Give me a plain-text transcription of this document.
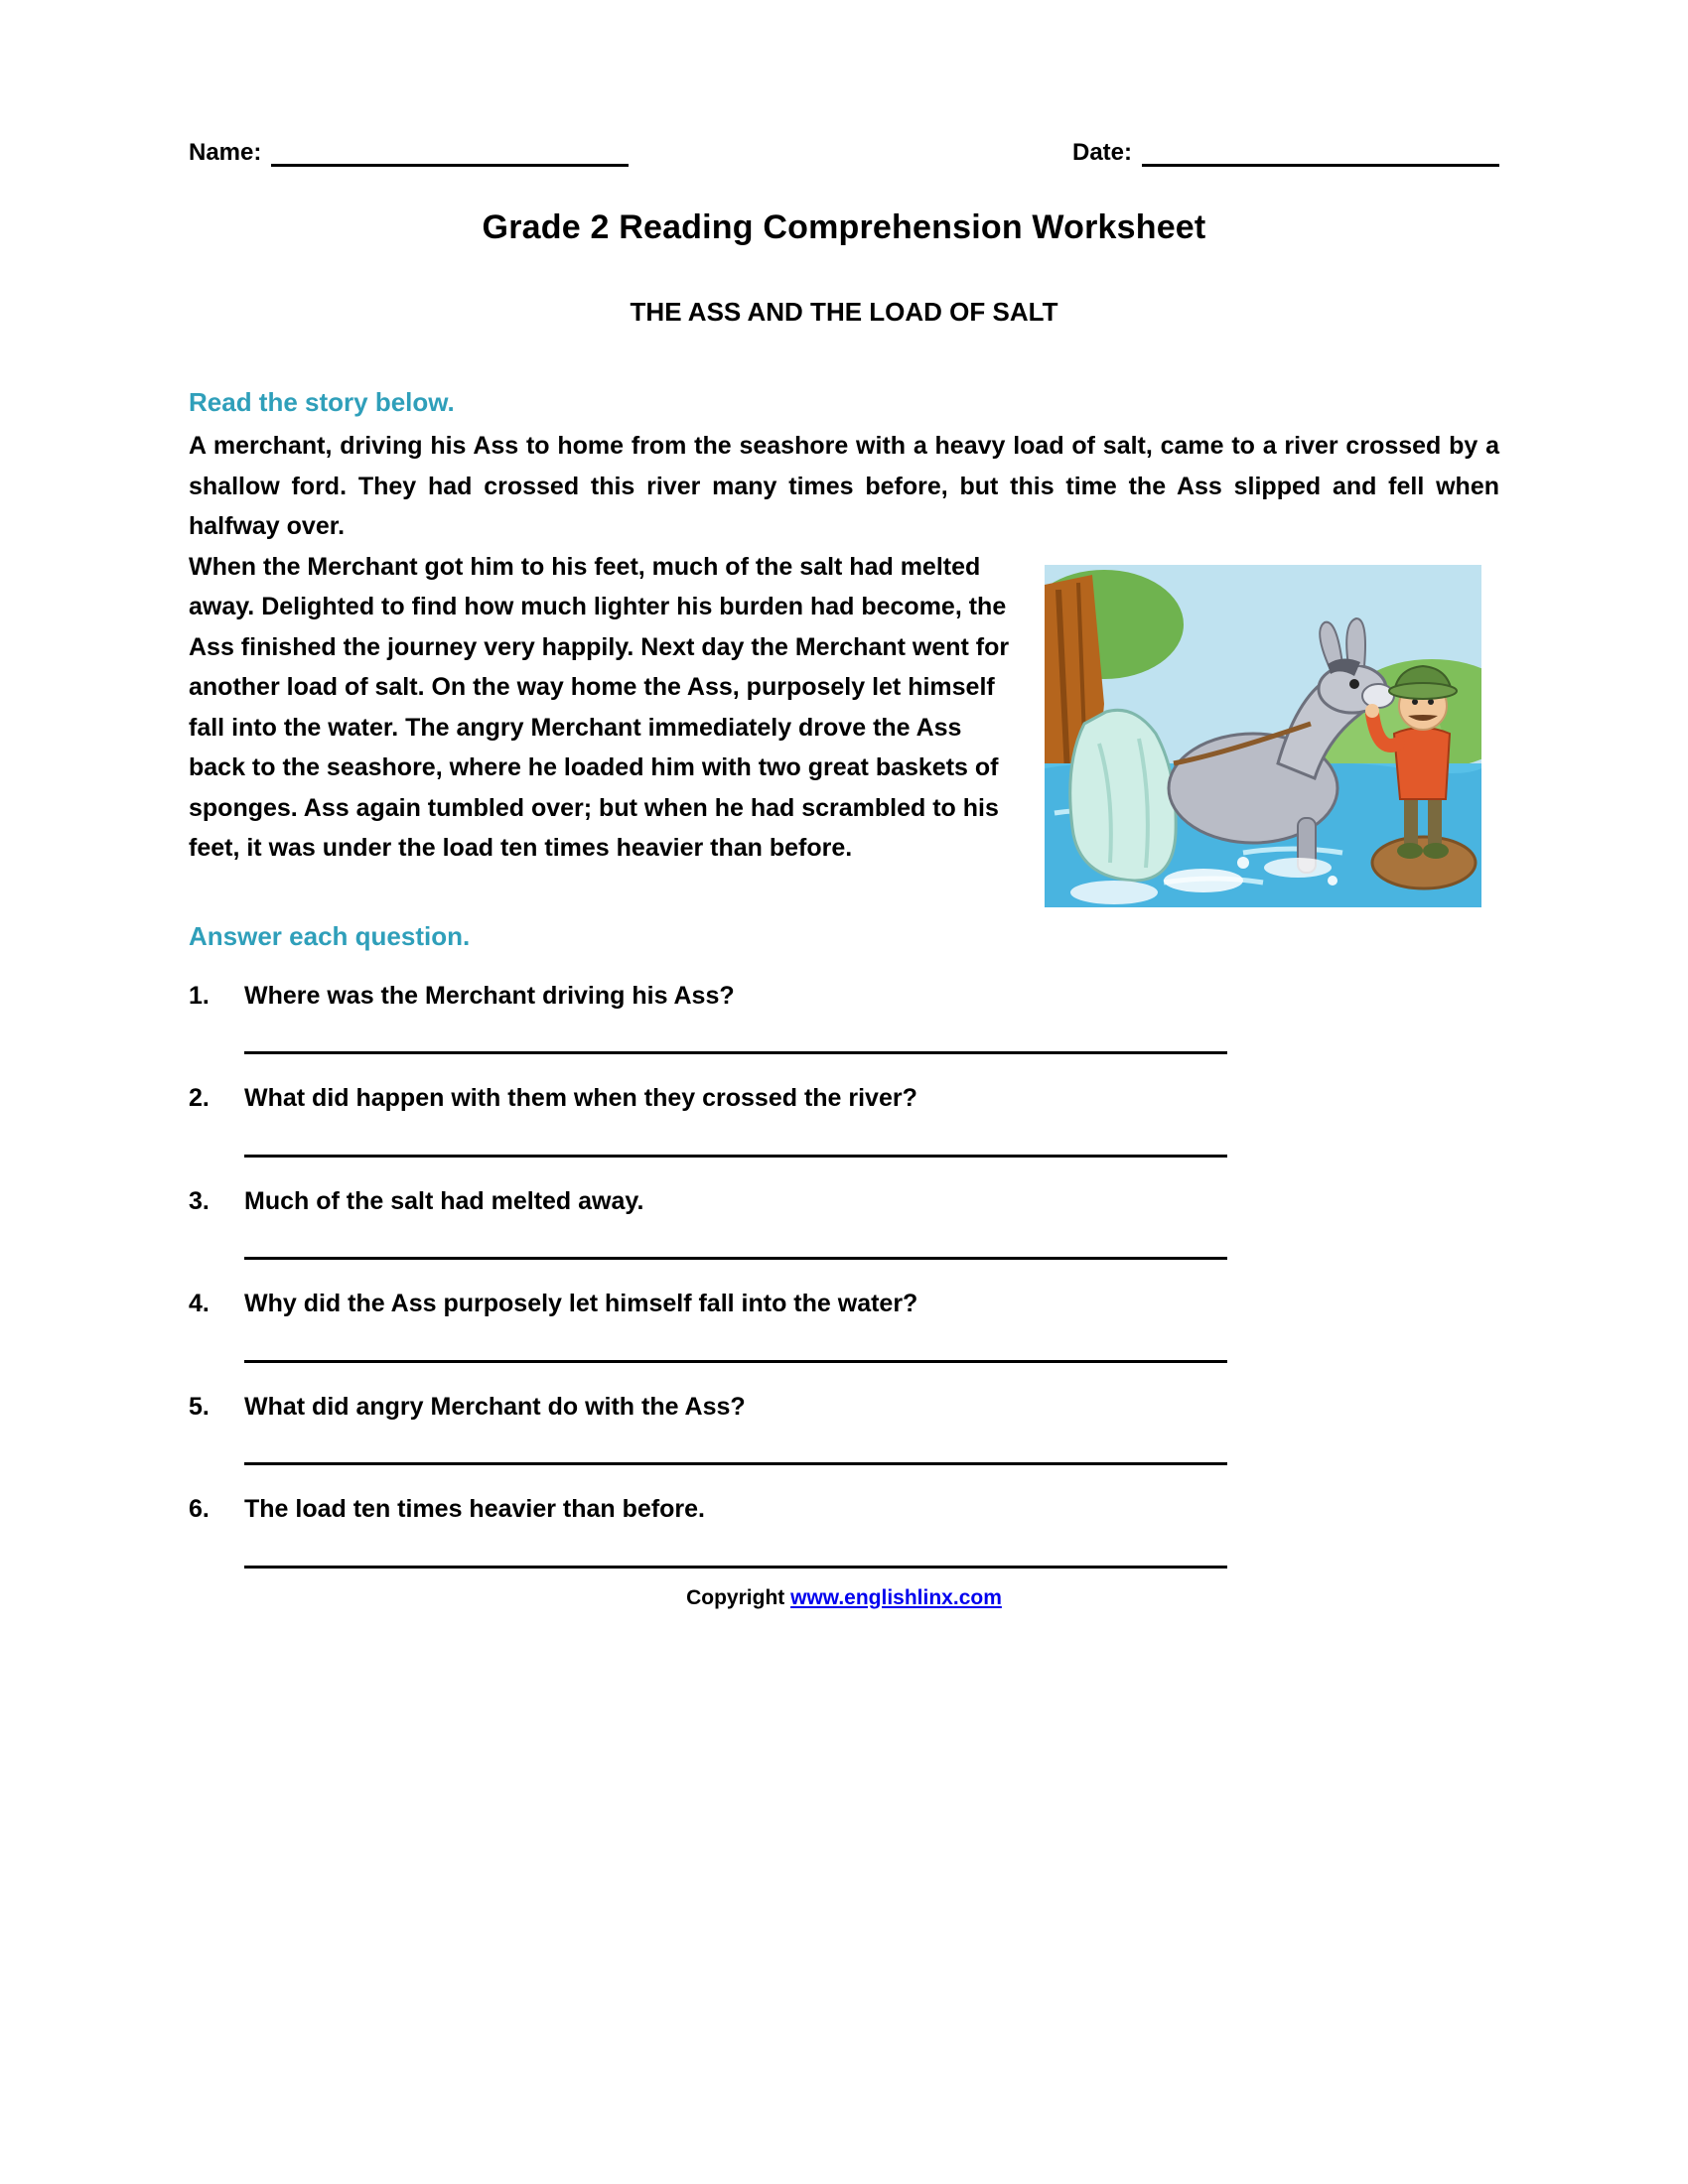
Name:	Date:
Grade 2 Reading Comprehension Worksheet
THE ASS AND THE LOAD OF SALT
Read the story below.
A merchant, driving his Ass to home from the seashore with a heavy load of salt, came to a river crossed by a shallow ford. They had crossed this river many times before, but this time the Ass slipped and fell when halfway over.
When the Merchant got him to his feet, much of the salt had melted away. Delighted to find how much lighter his burden had become, the Ass finished the journey very happily. Next day the Merchant went for another load of salt. On the way home the Ass, purposely let himself fall into the water. The angry Merchant immediately drove the Ass back to the seashore, where he loaded him with two great baskets of sponges. Ass again tumbled over; but when he had scrambled to his feet, it was under the load ten times heavier than before.
Answer each question.
1.	Where was the Merchant driving his Ass?
2.	What did happen with them when they crossed the river?
3.	Much of the salt had melted away.
4.	Why did the Ass purposely let himself fall into the water?
5.	What did angry Merchant do with the Ass?
6.	The load ten times heavier than before.
Copyright www.englishlinx.com
